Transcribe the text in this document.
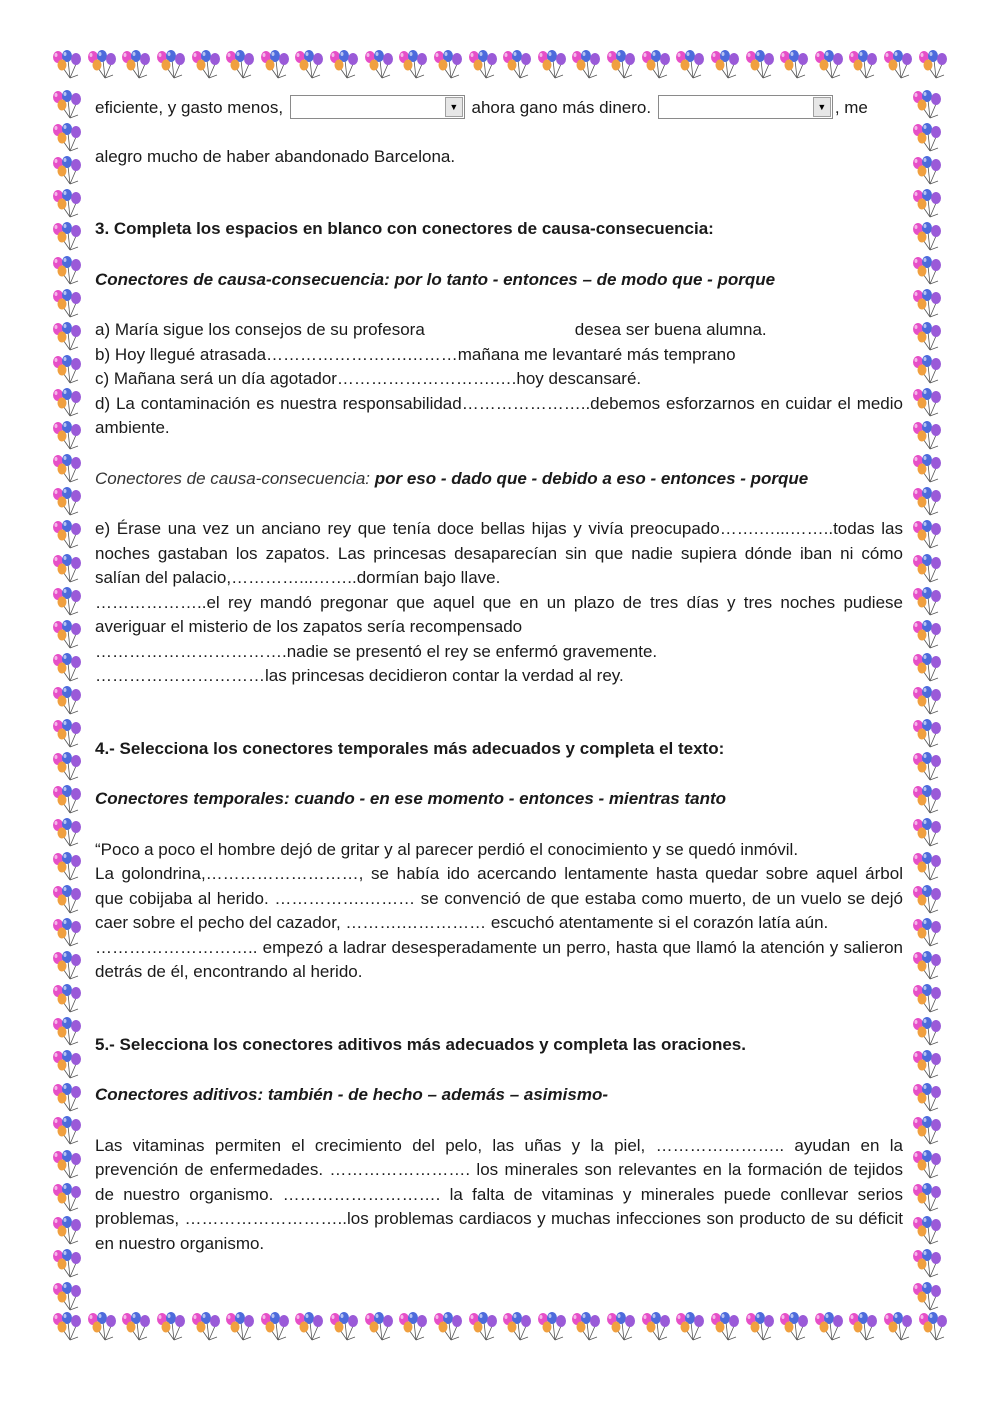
eficiente, y gasto menos,	▼ ahora gano más dinero.	▼ , me

alegro mucho de haber abandonado Barcelona.

3. Completa los espacios en blanco con conectores de causa-consecuencia:

Conectores de causa-consecuencia: por lo tanto - entonces – de modo que - porque

a) María sigue los consejos de su profesora	desea ser buena alumna.

b) Hoy llegué atrasada…………………….………mañana me levantaré más temprano

c) Mañana será un día agotador……………………….….hoy descansaré.

d) La contaminación es nuestra responsabilidad…………………..debemos esforzarnos en cuidar el medio ambiente.

Conectores de causa-consecuencia: por eso - dado que - debido a eso - entonces - porque

e) Érase una vez un anciano rey que tenía doce bellas hijas y vivía preocupado…….…...……..todas las noches gastaban los zapatos. Las princesas desaparecían sin que nadie supiera dónde iban ni cómo salían del palacio,…………...……..dormían bajo llave.

………………..el rey mandó pregonar que aquel que en un plazo de tres días y tres noches pudiese averiguar el misterio de los zapatos sería recompensado

…………………………….nadie se presentó el rey se enfermó gravemente.

…………………………las princesas decidieron contar la verdad al rey.

4.- Selecciona los conectores temporales más adecuados y completa el texto:

Conectores temporales: cuando - en ese momento - entonces - mientras tanto

“Poco a poco el hombre dejó de gritar y al parecer perdió el conocimiento y se quedó inmóvil.

La golondrina,………………………, se había ido acercando lentamente hasta quedar sobre aquel árbol que cobijaba al herido. …………….……… se convenció de que estaba como muerto, de un vuelo se dejó caer sobre el pecho del cazador, ……….…………… escuchó atentamente si el corazón latía aún.

……………………….. empezó a ladrar desesperadamente un perro, hasta que llamó la atención y salieron detrás de él, encontrando al herido.

5.- Selecciona los conectores aditivos más adecuados y completa las oraciones.

Conectores aditivos: también - de hecho – además – asimismo-

Las vitaminas permiten el crecimiento del pelo, las uñas y la piel, ………………….. ayudan en la prevención de enfermedades. ……………………. los minerales son relevantes en la formación de tejidos de nuestro organismo. ………………………. la falta de vitaminas y minerales puede conllevar serios problemas, ………………………..los problemas cardiacos y muchas infecciones son producto de su déficit en nuestro organismo.
